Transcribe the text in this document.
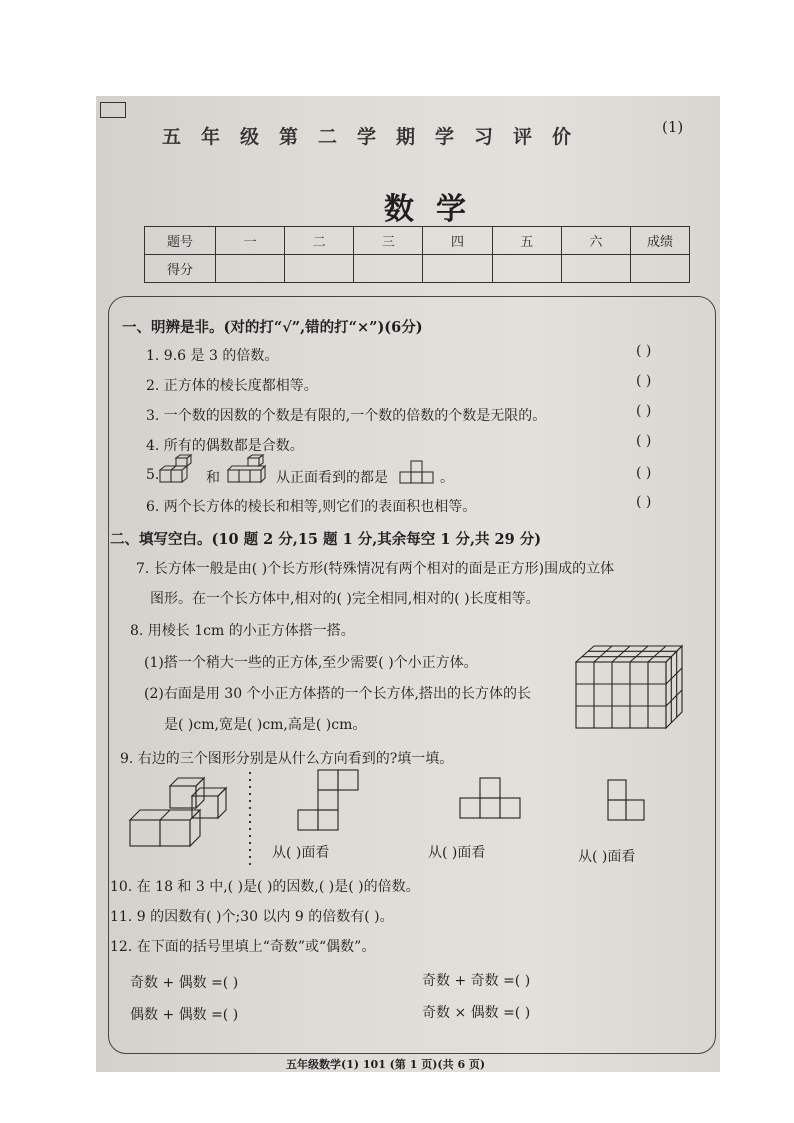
五年级第二学期学习评价	(1)
数学
题号	一	二	三	四	五	六	成绩
得分							
一、明辨是非。(对的打“√”,错的打“×”)(6分)
1. 9.6 是 3 的倍数。	( )
2. 正方体的棱长度都相等。	( )
3. 一个数的因数的个数是有限的,一个数的倍数的个数是无限的。	( )
4. 所有的偶数都是合数。	( )
5.	和	从正面看到的都是	。	( )
6. 两个长方体的棱长和相等,则它们的表面积也相等。	( )
二、填写空白。(10 题 2 分,15 题 1 分,其余每空 1 分,共 29 分)
7. 长方体一般是由( )个长方形(特殊情况有两个相对的面是正方形)围成的立体
图形。在一个长方体中,相对的( )完全相同,相对的( )长度相等。
8. 用棱长 1cm 的小正方体搭一搭。
(1)搭一个稍大一些的正方体,至少需要( )个小正方体。
(2)右面是用 30 个小正方体搭的一个长方体,搭出的长方体的长
是( )cm,宽是( )cm,高是( )cm。
9. 右边的三个图形分别是从什么方向看到的?填一填。
从( )面看	从( )面看	从( )面看
10. 在 18 和 3 中,( )是( )的因数,( )是( )的倍数。
11. 9 的因数有( )个;30 以内 9 的倍数有( )。
12. 在下面的括号里填上“奇数”或“偶数”。
奇数 + 偶数 =( )	奇数 + 奇数 =( )
偶数 + 偶数 =( )	奇数 × 偶数 =( )
五年级数学(1) 101 (第 1 页)(共 6 页)
